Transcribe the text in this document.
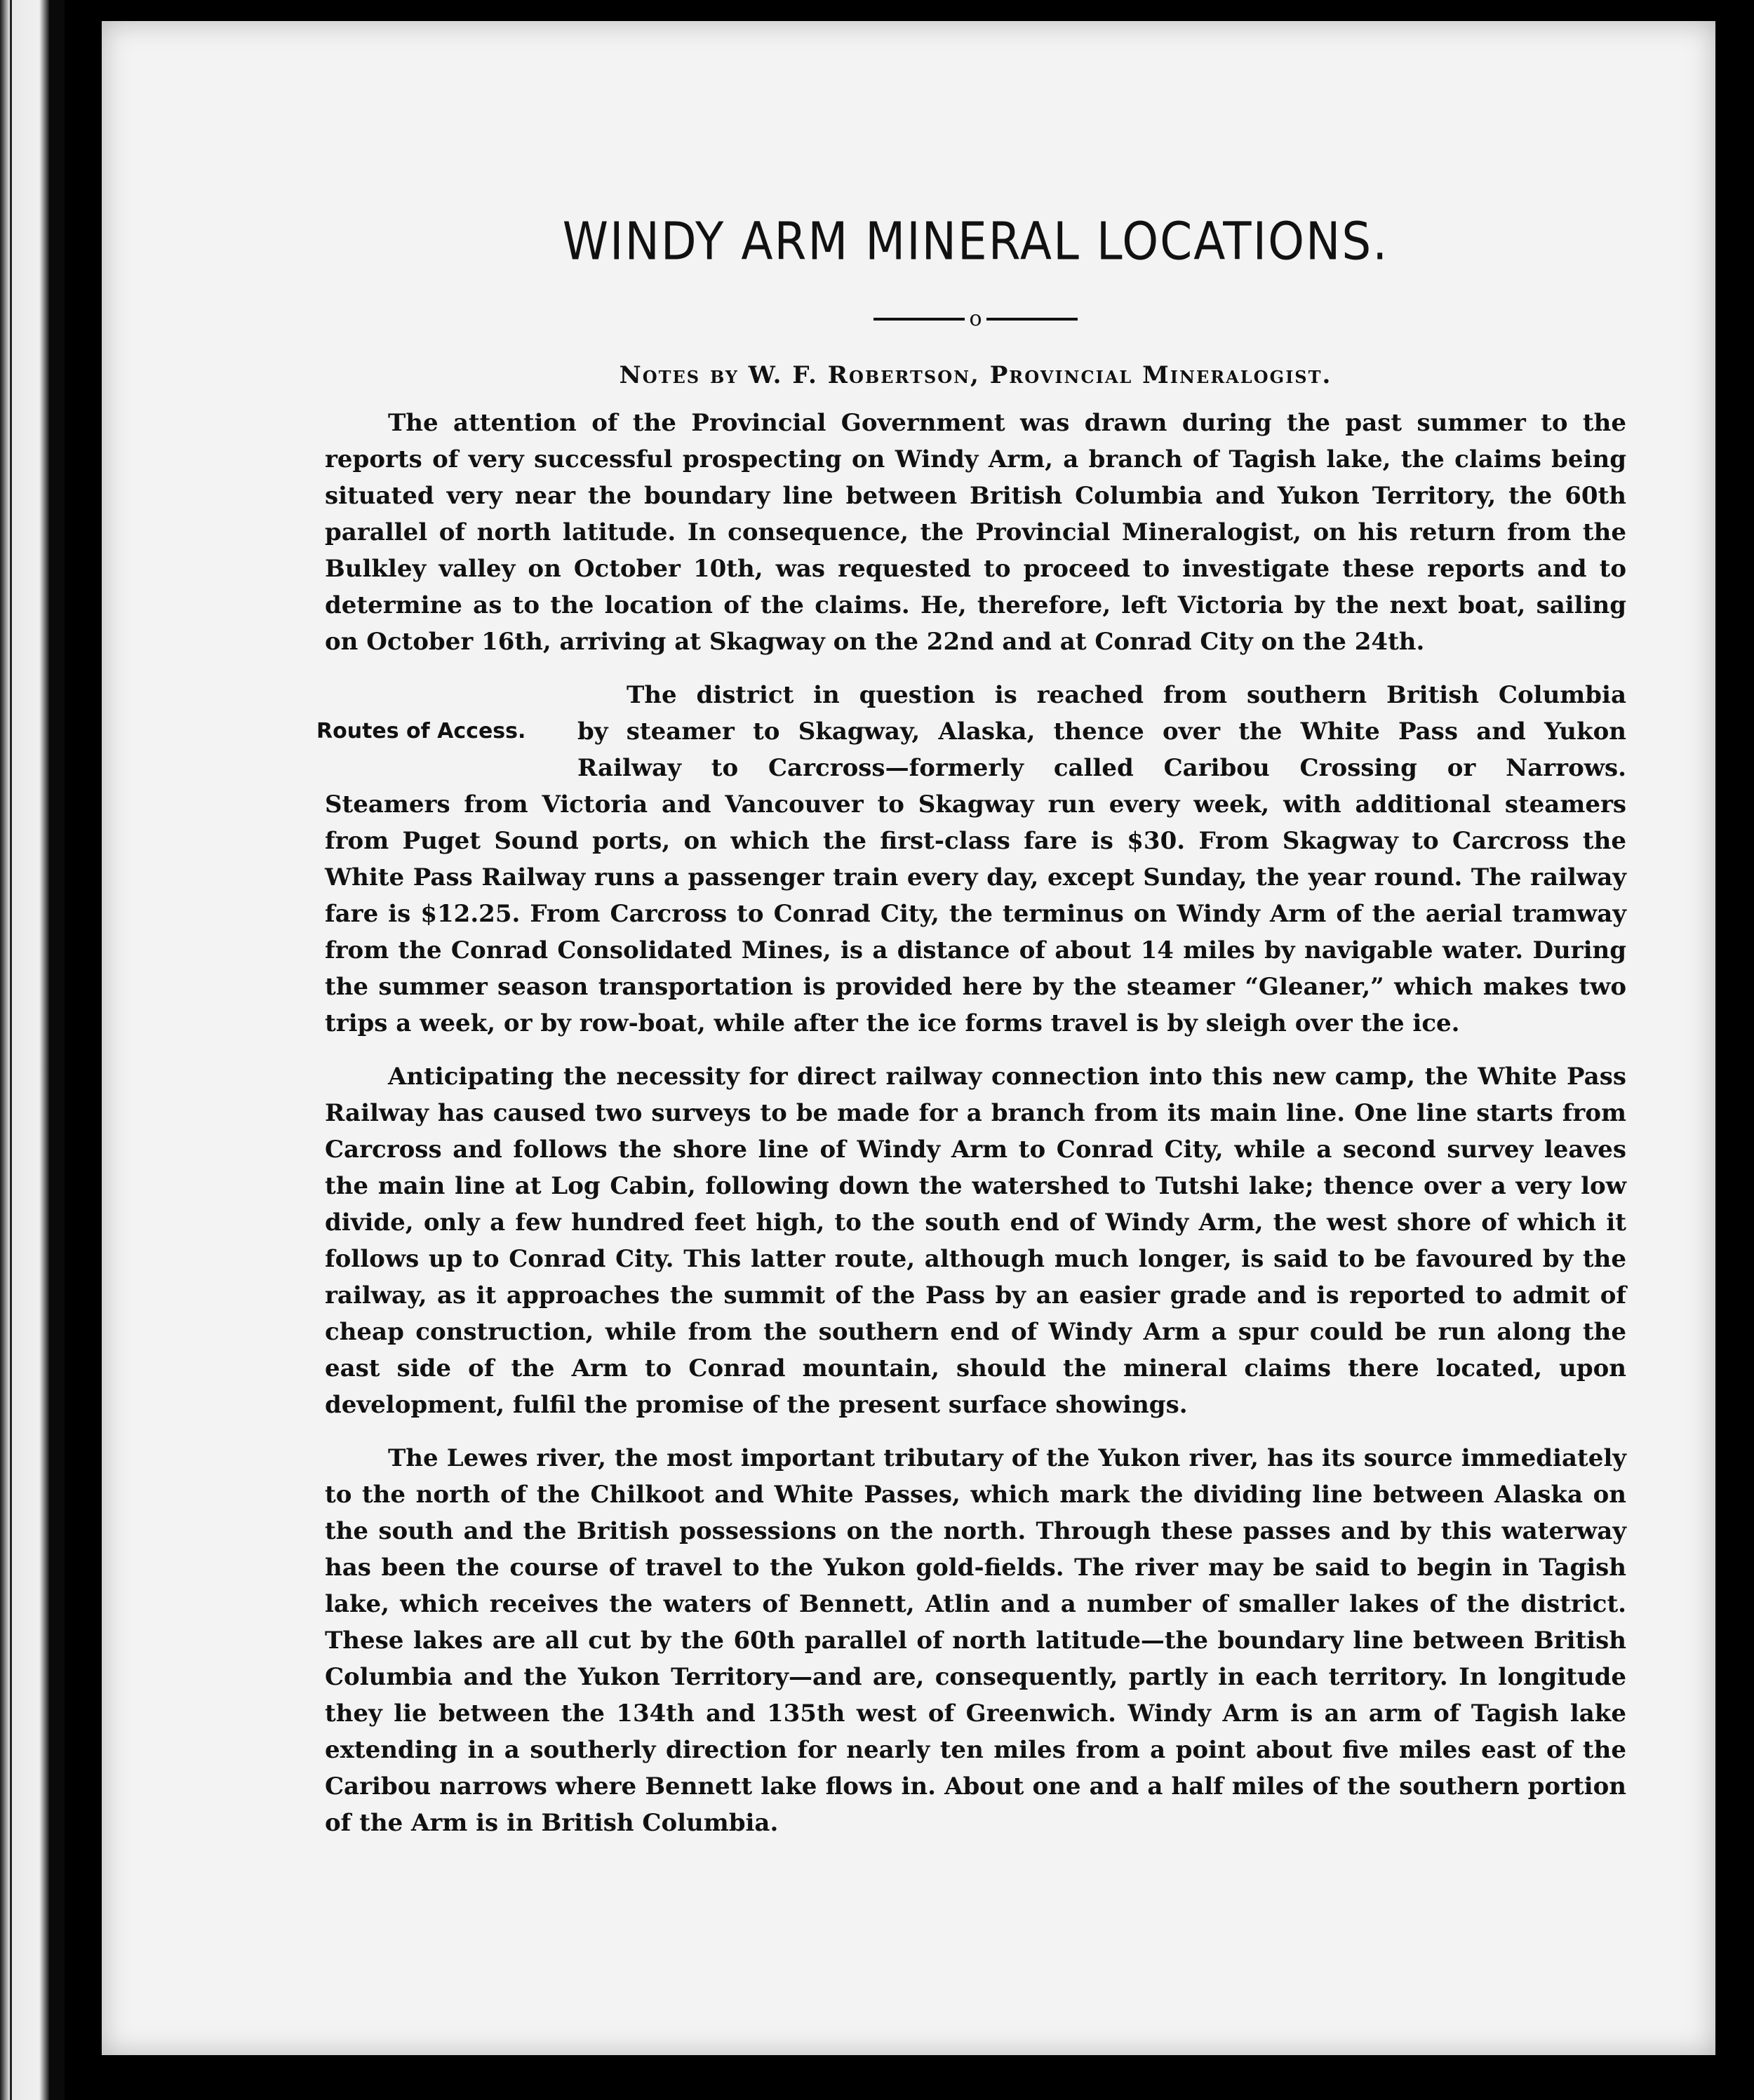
WINDY ARM MINERAL LOCATIONS.
o
Notes by W. F. Robertson, Provincial Mineralogist.

The attention of the Provincial Government was drawn during the past summer to the reports of very successful prospecting on Windy Arm, a branch of Tagish lake, the claims being situated very near the boundary line between British Columbia and Yukon Territory, the 60th parallel of north latitude. In consequence, the Provincial Mineralogist, on his return from the Bulkley valley on October 10th, was requested to proceed to investigate these reports and to determine as to the location of the claims. He, therefore, left Victoria by the next boat, sailing on October 16th, arriving at Skagway on the 22nd and at Conrad City on the 24th.

The district in question is reached from southern British Columbia
Routes of Access.	by steamer to Skagway, Alaska, thence over the White Pass and Yukon
Railway to Carcross—formerly called Caribou Crossing or Narrows.
Steamers from Victoria and Vancouver to Skagway run every week, with additional steamers from Puget Sound ports, on which the first-class fare is $30. From Skagway to Carcross the White Pass Railway runs a passenger train every day, except Sunday, the year round. The railway fare is $12.25. From Carcross to Conrad City, the terminus on Windy Arm of the aerial tramway from the Conrad Consolidated Mines, is a distance of about 14 miles by navigable water. During the summer season transportation is provided here by the steamer “Gleaner,” which makes two trips a week, or by row-boat, while after the ice forms travel is by sleigh over the ice.

Anticipating the necessity for direct railway connection into this new camp, the White Pass Railway has caused two surveys to be made for a branch from its main line. One line starts from Carcross and follows the shore line of Windy Arm to Conrad City, while a second survey leaves the main line at Log Cabin, following down the watershed to Tutshi lake; thence over a very low divide, only a few hundred feet high, to the south end of Windy Arm, the west shore of which it follows up to Conrad City. This latter route, although much longer, is said to be favoured by the railway, as it approaches the summit of the Pass by an easier grade and is reported to admit of cheap construction, while from the southern end of Windy Arm a spur could be run along the east side of the Arm to Conrad mountain, should the mineral claims there located, upon development, fulfil the promise of the present surface showings.

The Lewes river, the most important tributary of the Yukon river, has its source immediately to the north of the Chilkoot and White Passes, which mark the dividing line between Alaska on the south and the British possessions on the north. Through these passes and by this waterway has been the course of travel to the Yukon gold-fields. The river may be said to begin in Tagish lake, which receives the waters of Bennett, Atlin and a number of smaller lakes of the district. These lakes are all cut by the 60th parallel of north latitude—the boundary line between British Columbia and the Yukon Territory—and are, consequently, partly in each territory. In longitude they lie between the 134th and 135th west of Greenwich. Windy Arm is an arm of Tagish lake extending in a southerly direction for nearly ten miles from a point about five miles east of the Caribou narrows where Bennett lake flows in. About one and a half miles of the southern portion of the Arm is in British Columbia.
